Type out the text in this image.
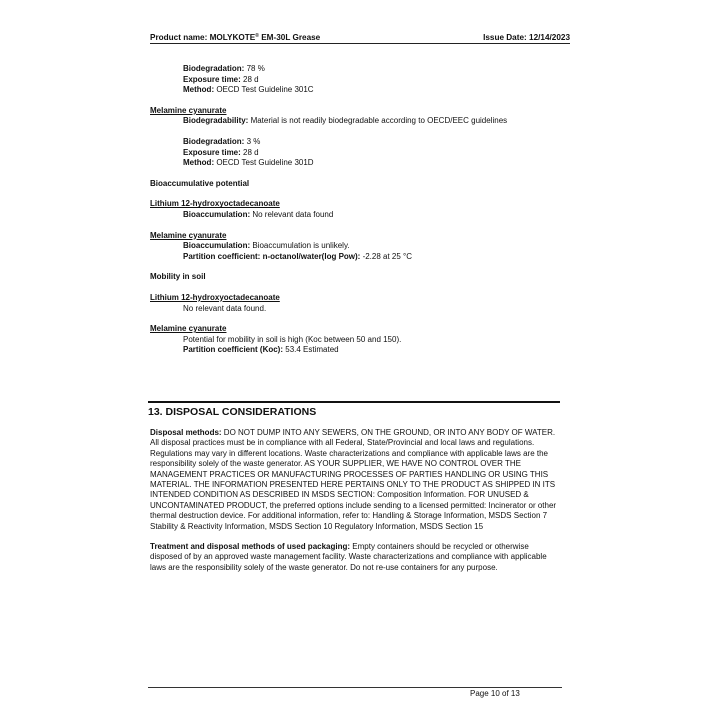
Product name: MOLYKOTE® EM-30L Grease	Issue Date: 12/14/2023
Biodegradation: 78 %
Exposure time: 28 d
Method: OECD Test Guideline 301C
Melamine cyanurate
Biodegradability: Material is not readily biodegradable according to OECD/EEC guidelines
Biodegradation: 3 %
Exposure time: 28 d
Method: OECD Test Guideline 301D
Bioaccumulative potential
Lithium 12-hydroxyoctadecanoate
Bioaccumulation: No relevant data found
Melamine cyanurate
Bioaccumulation: Bioaccumulation is unlikely.
Partition coefficient: n-octanol/water(log Pow): -2.28 at 25 °C
Mobility in soil
Lithium 12-hydroxyoctadecanoate
No relevant data found.
Melamine cyanurate
Potential for mobility in soil is high (Koc between 50 and 150).
Partition coefficient (Koc): 53.4 Estimated
13. DISPOSAL CONSIDERATIONS
Disposal methods: DO NOT DUMP INTO ANY SEWERS, ON THE GROUND, OR INTO ANY BODY OF WATER. All disposal practices must be in compliance with all Federal, State/Provincial and local laws and regulations. Regulations may vary in different locations. Waste characterizations and compliance with applicable laws are the responsibility solely of the waste generator. AS YOUR SUPPLIER, WE HAVE NO CONTROL OVER THE MANAGEMENT PRACTICES OR MANUFACTURING PROCESSES OF PARTIES HANDLING OR USING THIS MATERIAL. THE INFORMATION PRESENTED HERE PERTAINS ONLY TO THE PRODUCT AS SHIPPED IN ITS INTENDED CONDITION AS DESCRIBED IN MSDS SECTION: Composition Information. FOR UNUSED & UNCONTAMINATED PRODUCT, the preferred options include sending to a licensed permitted: Incinerator or other thermal destruction device. For additional information, refer to: Handling & Storage Information, MSDS Section 7 Stability & Reactivity Information, MSDS Section 10 Regulatory Information, MSDS Section 15
Treatment and disposal methods of used packaging: Empty containers should be recycled or otherwise disposed of by an approved waste management facility. Waste characterizations and compliance with applicable laws are the responsibility solely of the waste generator. Do not re-use containers for any purpose.
Page 10 of 13
